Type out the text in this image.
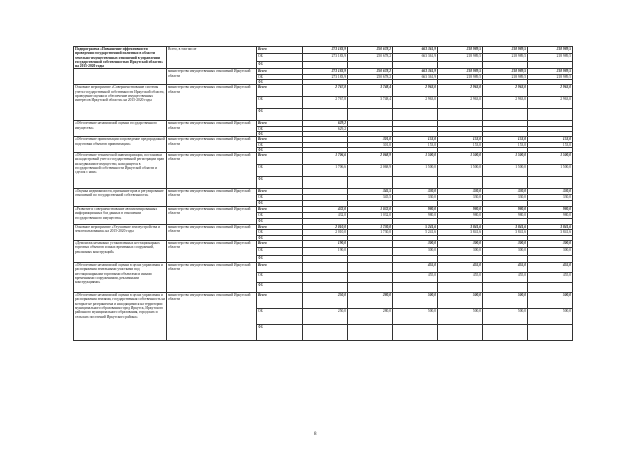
Подпрограмма «Повышение эффективности проведения государственной политики в области земельно-имущественных отношений в управлении государственной собственностью Иркутской области» на 2015-2020 годы	Всего, в том числе	Всего	273 183,9	250 678,2	663 361,9	218 989,5	218 989,5	218 989,5
		ОБ	273 183,9	250 678,2	663 361,9	218 989,5	218 989,5	218 989,5
		ФБ						
	министерство имущественных отношений Иркутской области	Всего	273 183,9	250 678,2	663 361,9	218 989,5	218 989,5	218 989,5
		ОБ	273 183,9	250 678,2	663 361,9	218 989,5	218 989,5	218 989,5
		ФБ						
Основное мероприятие «Совершенствование системы учета государственной собственности Иркутской области, проведение оценки и обеспечение имущественных интересов Иркутской области» на 2015-2020 годы	министерство имущественных отношений Иркутской области	Всего	2 767,8	3 748,4	2 963,0	2 963,0	2 963,0	2 963,0
		ОБ	2 767,8	3 748,4	2 963,0	2 963,0	2 963,0	2 963,0
		ФБ						
«Обеспечение независимой оценки государственного имущества»	министерство имущественных отношений Иркутской области	Всего	629,2					
		ОБ	629,2					
		ФБ						
«Обеспечение приватизации и проведение предпродажной подготовки объектов приватизации»	министерство имущественных отношений Иркутской области	Всего		301,0	153,0	153,0	153,0	153,0
		ОБ		301,0	153,0	153,0	153,0	153,0
		ФБ						
«Обеспечение технической инвентаризации, постановки на кадастровый учет и государственной регистрации прав на недвижимое имущество, находящееся в государственной собственности Иркутской области и сделок с ним»	министерство имущественных отношений Иркутской области	Всего	1 706,6	2 068,9	1 500,0	1 500,0	1 500,0	1 500,0
		ОБ	1 706,6	2 068,9	1 500,0	1 500,0	1 500,0	1 500,0
		ФБ						
«Оценка недвижимости, признание прав и регулирование отношений по государственной собственности»	министерство имущественных отношений Иркутской области	Всего		345,5	330,0	330,0	330,0	330,0
		ОБ		345,5	330,0	330,0	330,0	330,0
		ФБ						
«Развитие и совершенствование автоматизированных информационных баз данных в отношении государственного имущества»	министерство имущественных отношений Иркутской области	Всего	432,0	1 032,0	980,0	980,0	980,0	980,0
		ОБ	432,0	1 032,0	980,0	980,0	980,0	980,0
		ФБ						
Основное мероприятие «Улучшение землеустройства и землепользования» на 2015-2020 годы	министерство имущественных отношений Иркутской области	Всего	2 010,0	1 730,0	5 241,6	3 841,6	3 841,6	3 841,6
		ОБ	2 010,0	1 730,0	5 241,6	3 841,6	3 841,6	3 841,6
		ФБ						
«Демонтаж незаконно установленных нестационарных торговых объектов и иных временных сооружений, рекламных конструкций»	министерство имущественных отношений Иркутской области	Всего	190,0		300,0	300,0	300,0	300,0
		ОБ	190,0		300,0	300,0	300,0	300,0
		ФБ						
«Обеспечение независимой оценки в целях управления и распоряжения земельными участками под нестационарными торговыми объектами и иными временными сооружениями, рекламными конструкциями»	министерство имущественных отношений Иркутской области	Всего			455,0	455,0	455,0	455,0
		ОБ			455,0	455,0	455,0	455,0
		ФБ						
«Обеспечение независимой оценки в целях управления и распоряжения землями, государственная собственность на которые не разграничена и находящимися на территории муниципального образования город Иркутск, Иркутского районного муниципального образования, городских и сельских поселений Иркутского района»	министерство имущественных отношений Иркутской области	Всего	250,0	280,0	500,0	500,0	500,0	500,0
		ОБ	250,0	280,0	500,0	500,0	500,0	500,0
		ФБ						
8
